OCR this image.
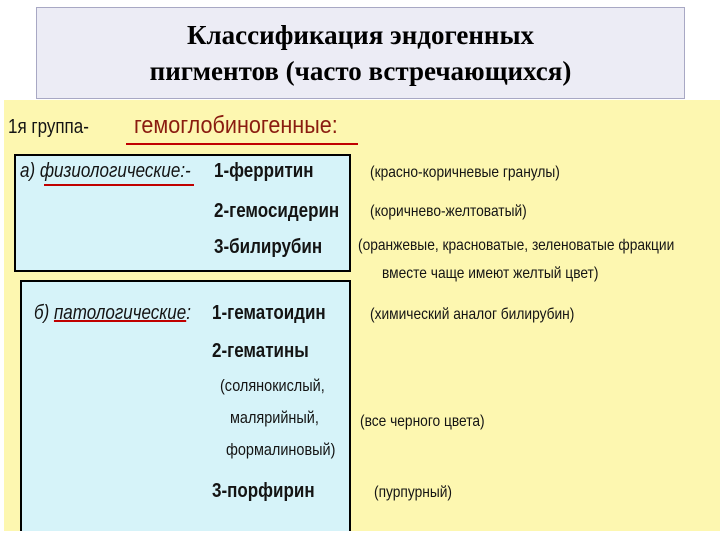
Классификация эндогенных
пигментов (часто встречающихся)
1я группа- гемоглобиногенные:
а) физиологические:- 1-ферритин
2-гемосидерин
3-билирубин
(красно-коричневые гранулы)
(коричнево-желтоватый)
(оранжевые, красноватые, зеленоватые фракции
вместе чаще имеют желтый цвет)
б) патологические: 1-гематоидин
2-гематины
(солянокислый,
малярийный,
формалиновый)
3-порфирин
(химический аналог билирубин)
(все черного цвета)
(пурпурный)
